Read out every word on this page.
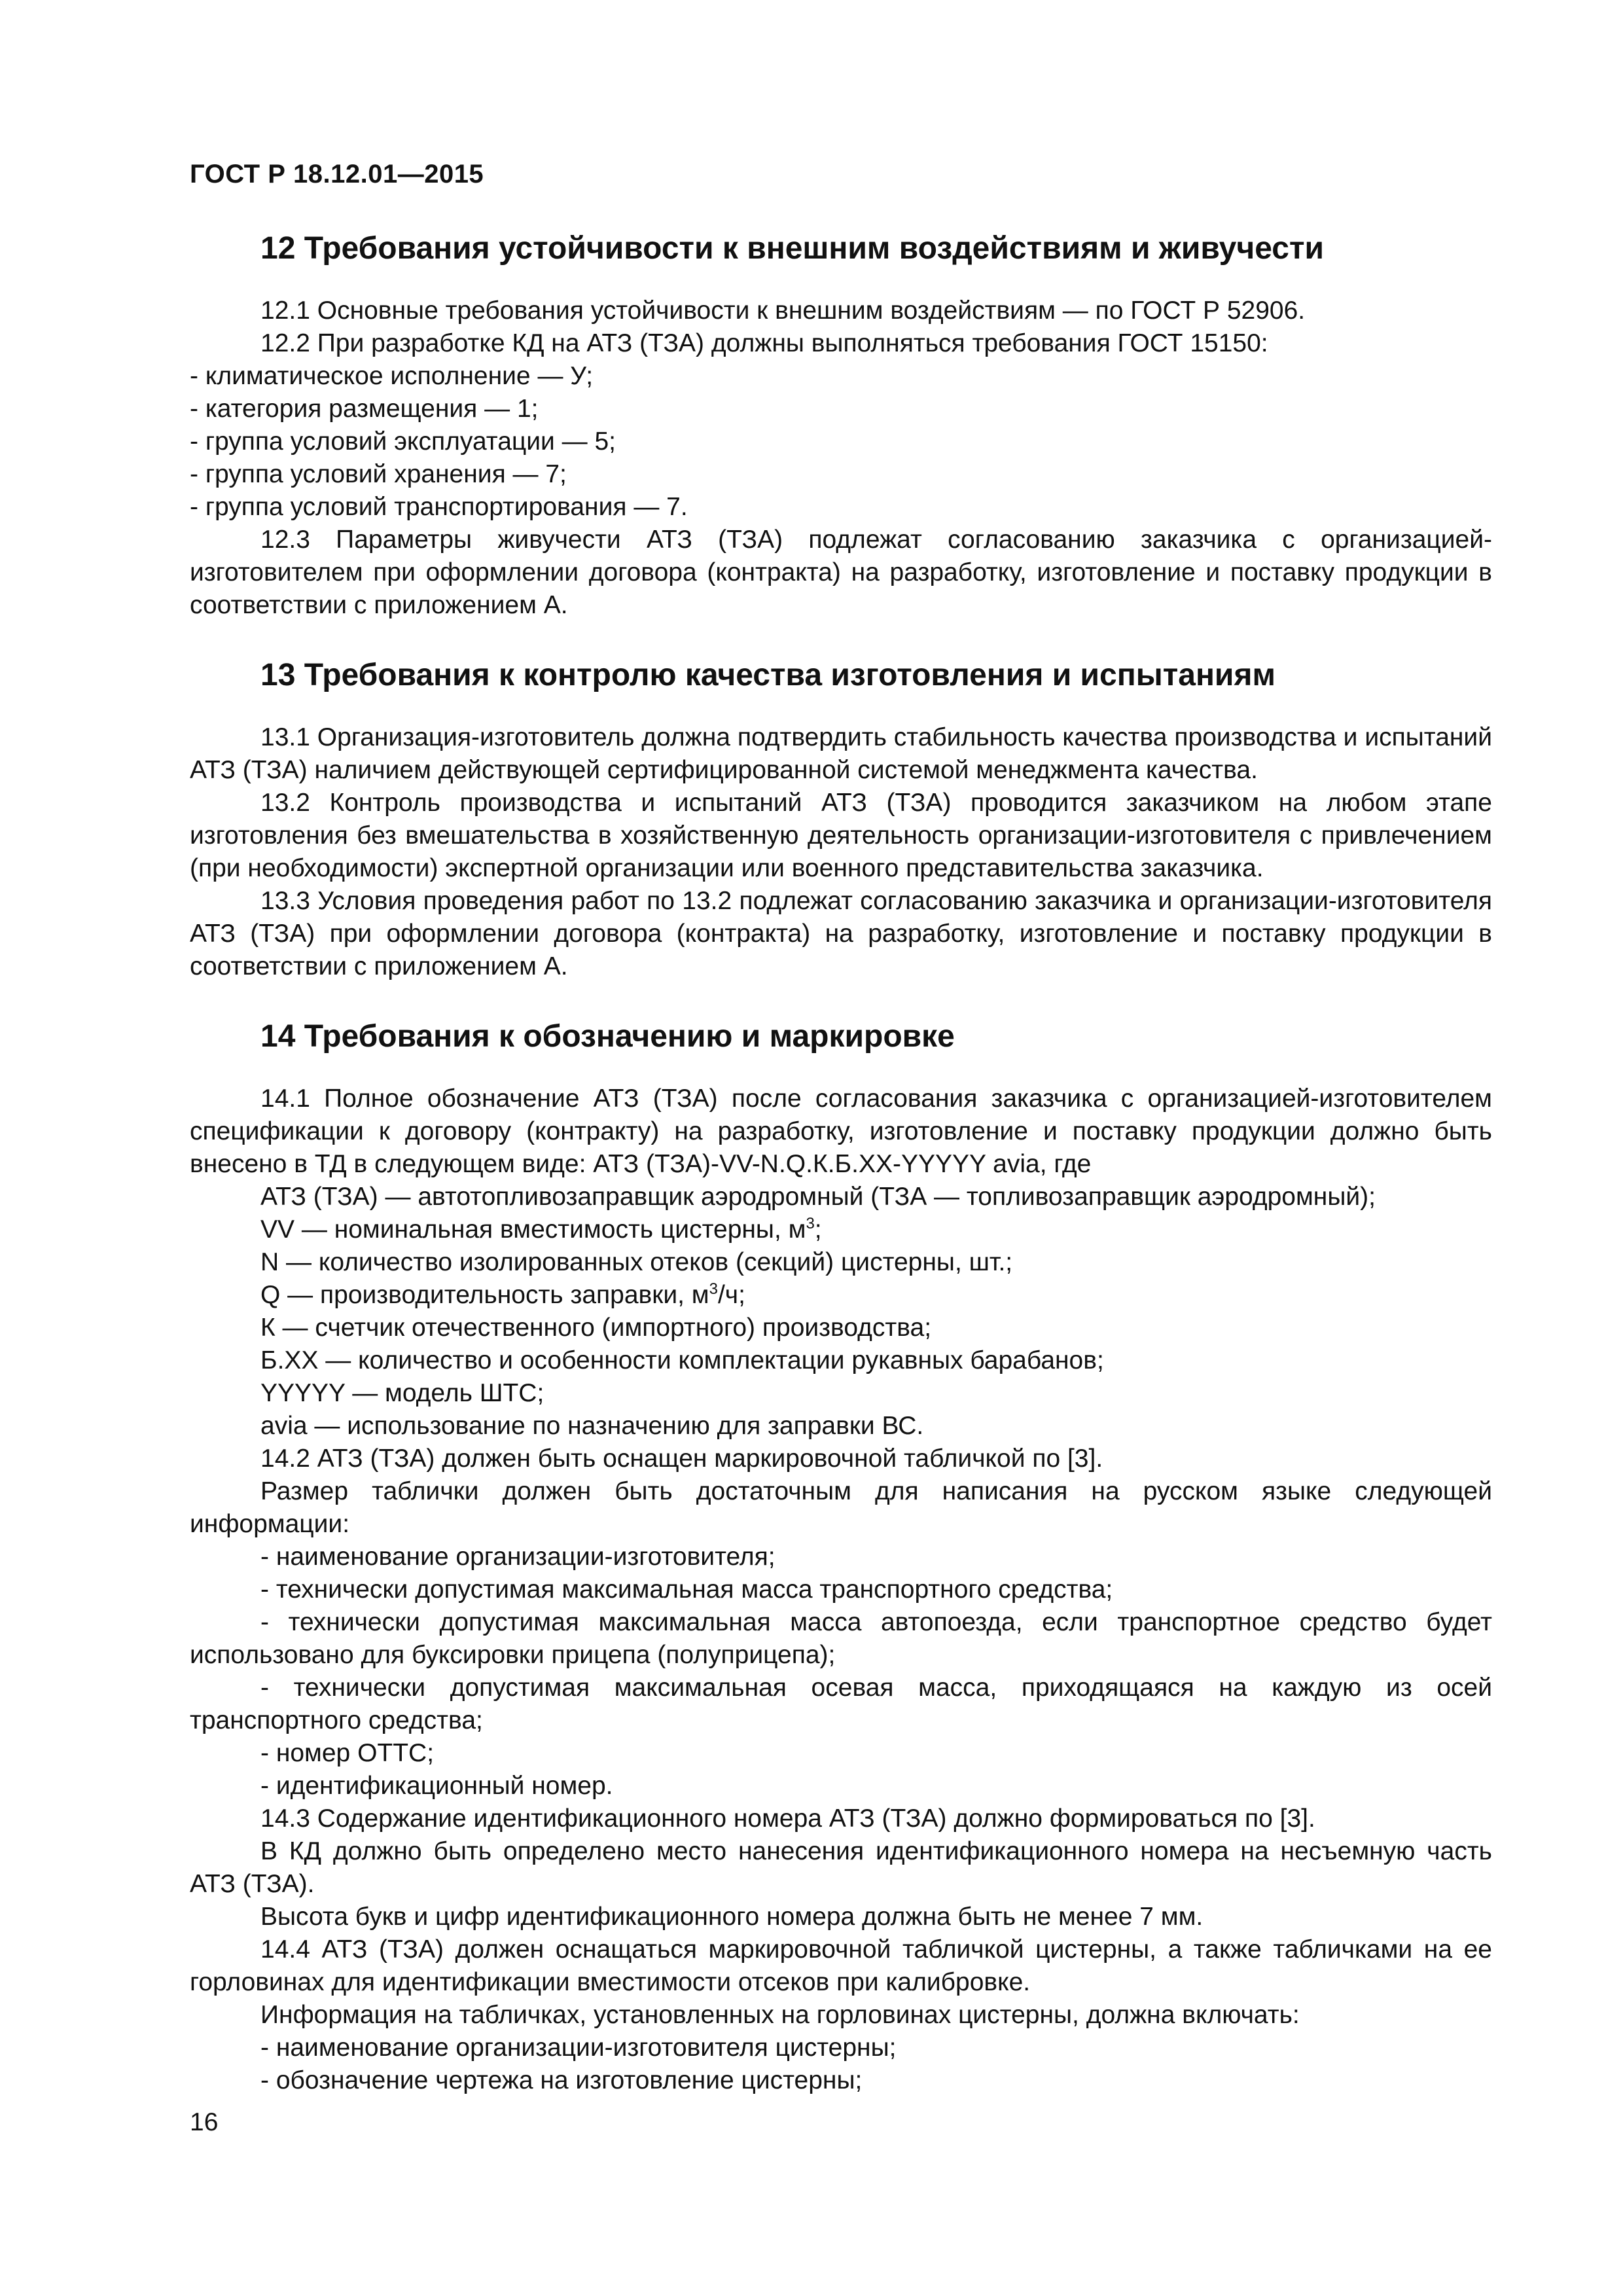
ГОСТ Р 18.12.01—2015
12 Требования устойчивости к внешним воздействиям и живучести

12.1 Основные требования устойчивости к внешним воздействиям — по ГОСТ Р 52906.

12.2 При разработке КД на АТЗ (ТЗА) должны выполняться требования ГОСТ 15150:

- климатическое исполнение — У;

- категория размещения — 1;

- группа условий эксплуатации — 5;

- группа условий хранения — 7;

- группа условий транспортирования — 7.

12.3 Параметры живучести АТЗ (ТЗА) подлежат согласованию заказчика с организацией-изготовителем при оформлении договора (контракта) на разработку, изготовление и поставку продукции в соответствии с приложением А.

13 Требования к контролю качества изготовления и испытаниям

13.1 Организация-изготовитель должна подтвердить стабильность качества производства и испытаний АТЗ (ТЗА) наличием действующей сертифицированной системой менеджмента качества.

13.2 Контроль производства и испытаний АТЗ (ТЗА) проводится заказчиком на любом этапе изготовления без вмешательства в хозяйственную деятельность организации-изготовителя с привлечением (при необходимости) экспертной организации или военного представительства заказчика.

13.3 Условия проведения работ по 13.2 подлежат согласованию заказчика и организации-изготовителя АТЗ (ТЗА) при оформлении договора (контракта) на разработку, изготовление и поставку продукции в соответствии с приложением А.

14 Требования к обозначению и маркировке

14.1 Полное обозначение АТЗ (ТЗА) после согласования заказчика с организацией-изготовителем спецификации к договору (контракту) на разработку, изготовление и поставку продукции должно быть внесено в ТД в следующем виде: АТЗ (ТЗА)-VV-N.Q.К.Б.XX-YYYYY avia, где

АТЗ (ТЗА) — автотопливозаправщик аэродромный (ТЗА — топливозаправщик аэродромный);

VV — номинальная вместимость цистерны, $м^3$;

N — количество изолированных отеков (секций) цистерны, шт.;

Q — производительность заправки, $м^3/ч$;

К — счетчик отечественного (импортного) производства;

Б.XX — количество и особенности комплектации рукавных барабанов;

YYYYY — модель ШТС;

avia — использование по назначению для заправки ВС.

14.2 АТЗ (ТЗА) должен быть оснащен маркировочной табличкой по [3].

Размер таблички должен быть достаточным для написания на русском языке следующей информации:

- наименование организации-изготовителя;

- технически допустимая максимальная масса транспортного средства;

- технически допустимая максимальная масса автопоезда, если транспортное средство будет использовано для буксировки прицепа (полуприцепа);

- технически допустимая максимальная осевая масса, приходящаяся на каждую из осей транспортного средства;

- номер ОТТС;

- идентификационный номер.

14.3 Содержание идентификационного номера АТЗ (ТЗА) должно формироваться по [3].

В КД должно быть определено место нанесения идентификационного номера на несъемную часть АТЗ (ТЗА).

Высота букв и цифр идентификационного номера должна быть не менее 7 мм.

14.4 АТЗ (ТЗА) должен оснащаться маркировочной табличкой цистерны, а также табличками на ее горловинах для идентификации вместимости отсеков при калибровке.

Информация на табличках, установленных на горловинах цистерны, должна включать:

- наименование организации-изготовителя цистерны;

- обозначение чертежа на изготовление цистерны;

16
